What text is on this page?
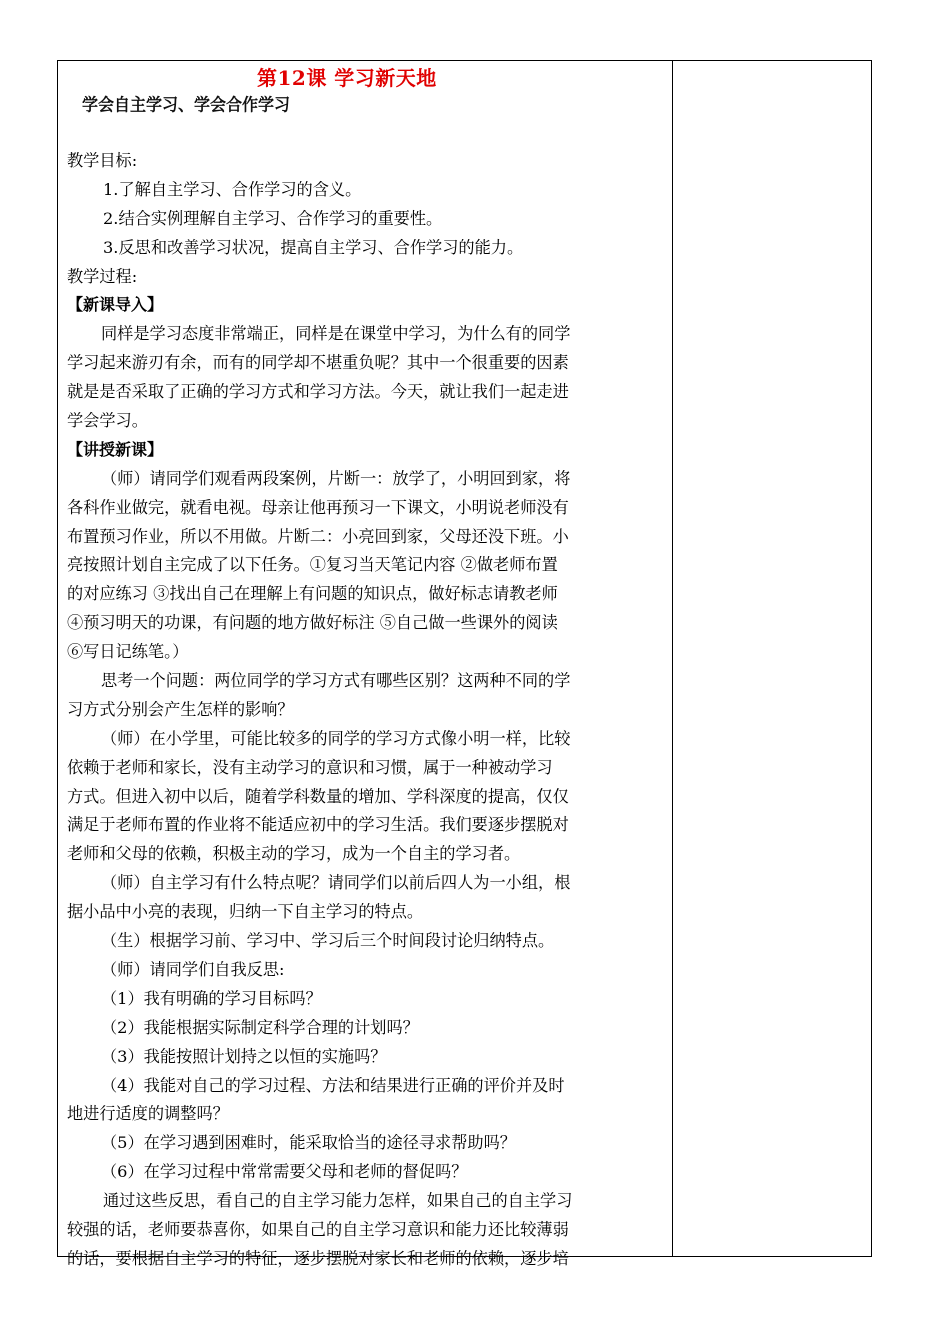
第12课 学习新天地
学会自主学习、学会合作学习
教学目标:
1.了解自主学习、合作学习的含义。
2.结合实例理解自主学习、合作学习的重要性。
3.反思和改善学习状况，提高自主学习、合作学习的能力。
教学过程:
【新课导入】
同样是学习态度非常端正，同样是在课堂中学习，为什么有的同学
学习起来游刃有余，而有的同学却不堪重负呢？其中一个很重要的因素
就是是否采取了正确的学习方式和学习方法。今天，就让我们一起走进
学会学习。
【讲授新课】
（师）请同学们观看两段案例，片断一：放学了，小明回到家，将
各科作业做完，就看电视。母亲让他再预习一下课文，小明说老师没有
布置预习作业，所以不用做。片断二：小亮回到家，父母还没下班。小
亮按照计划自主完成了以下任务。①复习当天笔记内容 ②做老师布置
的对应练习 ③找出自己在理解上有问题的知识点，做好标志请教老师
④预习明天的功课，有问题的地方做好标注 ⑤自己做一些课外的阅读
⑥写日记练笔。）
思考一个问题：两位同学的学习方式有哪些区别？这两种不同的学
习方式分别会产生怎样的影响？
（师）在小学里，可能比较多的同学的学习方式像小明一样，比较
依赖于老师和家长，没有主动学习的意识和习惯，属于一种被动学习
方式。但进入初中以后，随着学科数量的增加、学科深度的提高，仅仅
满足于老师布置的作业将不能适应初中的学习生活。我们要逐步摆脱对
老师和父母的依赖，积极主动的学习，成为一个自主的学习者。
（师）自主学习有什么特点呢？请同学们以前后四人为一小组，根
据小品中小亮的表现，归纳一下自主学习的特点。
（生）根据学习前、学习中、学习后三个时间段讨论归纳特点。
（师）请同学们自我反思:
（1）我有明确的学习目标吗？
（2）我能根据实际制定科学合理的计划吗？
（3）我能按照计划持之以恒的实施吗？
（4）我能对自己的学习过程、方法和结果进行正确的评价并及时
地进行适度的调整吗？
（5）在学习遇到困难时，能采取恰当的途径寻求帮助吗？
（6）在学习过程中常常需要父母和老师的督促吗？
通过这些反思，看自己的自主学习能力怎样，如果自己的自主学习
较强的话，老师要恭喜你，如果自己的自主学习意识和能力还比较薄弱
的话，要根据自主学习的特征，逐步摆脱对家长和老师的依赖，逐步培
